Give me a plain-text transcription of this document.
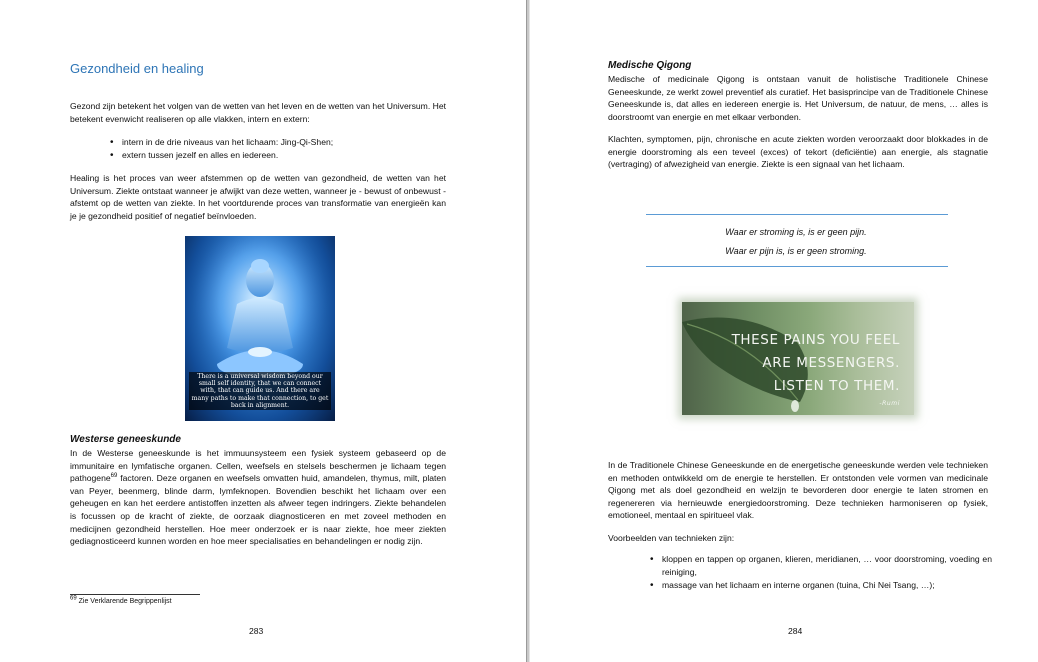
Gezondheid en healing

Gezond zijn betekent het volgen van de wetten van het leven en de wetten van het Universum. Het betekent evenwicht realiseren op alle vlakken, intern en extern:

• intern in de drie niveaus van het lichaam: Jing-Qi-Shen;
• extern tussen jezelf en alles en iedereen.

Healing is het proces van weer afstemmen op de wetten van gezondheid, de wetten van het Universum. Ziekte ontstaat wanneer je afwijkt van deze wetten, wanneer je - bewust of onbewust - afstemt op de wetten van ziekte. In het voortdurende proces van transformatie van energieën kan je je gezondheid positief of negatief beïnvloeden.

There is a universal wisdom beyond our small self identity, that we can connect with, that can guide us. And there are many paths to make that connection, to get back in alignment.
Westerse geneeskunde

In de Westerse geneeskunde is het immuunsysteem een fysiek systeem gebaseerd op de immunitaire en lymfatische organen. Cellen, weefsels en stelsels beschermen je lichaam tegen pathogene$^{69}$ factoren. Deze organen en weefsels omvatten huid, amandelen, thymus, milt, platen van Peyer, beenmerg, blinde darm, lymfeknopen. Bovendien beschikt het lichaam over een geheugen en kan het eerdere antistoffen inzetten als afweer tegen indringers. Ziekte behandelen is focussen op de kracht of ziekte, de oorzaak diagnosticeren en met zoveel methoden en medicijnen gezondheid herstellen. Hoe meer onderzoek er is naar ziekte, hoe meer ziekten gediagnosticeerd kunnen worden en hoe meer specialisaties en behandelingen er nodig zijn.

$^{69}$ Zie Verklarende Begrippenlijst
283
Medische Qigong

Medische of medicinale Qigong is ontstaan vanuit de holistische Traditionele Chinese Geneeskunde, ze werkt zowel preventief als curatief. Het basisprincipe van de Traditionele Chinese Geneeskunde is, dat alles en iedereen energie is. Het Universum, de natuur, de mens, … alles is doorstroomt van energie en met elkaar verbonden.

Klachten, symptomen, pijn, chronische en acute ziekten worden veroorzaakt door blokkades in de energie doorstroming als een teveel (exces) of tekort (deficiëntie) aan energie, als stagnatie (vertraging) of afwezigheid van energie. Ziekte is een signaal van het lichaam.

Waar er stroming is, is er geen pijn.
Waar er pijn is, is er geen stroming.
THESE PAINS YOU FEEL
ARE MESSENGERS.
LISTEN TO THEM.
-Rumi

In de Traditionele Chinese Geneeskunde en de energetische geneeskunde werden vele technieken en methoden ontwikkeld om de energie te herstellen. Er ontstonden vele vormen van medicinale Qigong met als doel gezondheid en welzijn te bevorderen door energie te laten stromen en regenereren via hernieuwde energiedoorstroming. Deze technieken harmoniseren op fysiek, emotioneel, mentaal en spiritueel vlak.

Voorbeelden van technieken zijn:

• kloppen en tappen op organen, klieren, meridianen, … voor doorstroming, voeding en reiniging,
• massage van het lichaam en interne organen (tuina, Chi Nei Tsang, …);
284
